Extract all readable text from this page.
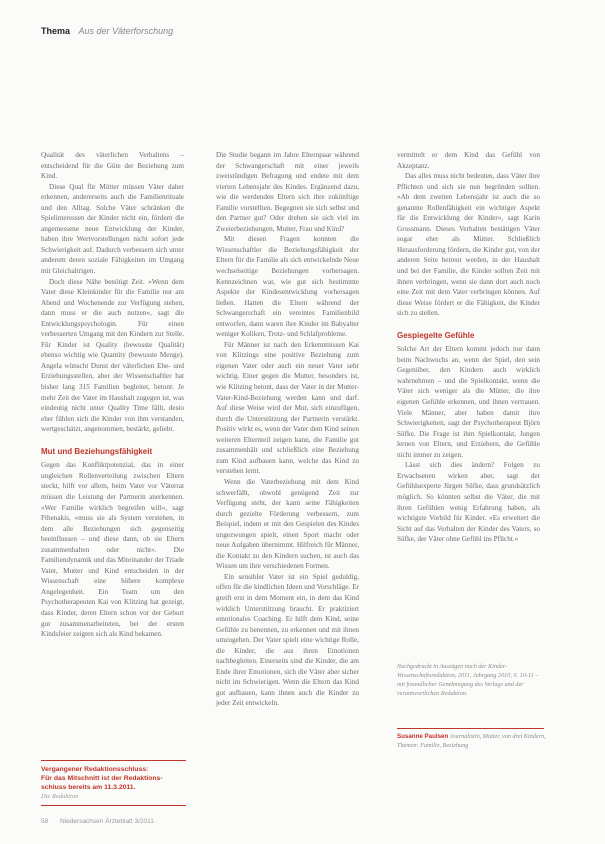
Thema Aus der Väterforschung

Qualität des väterlichen Verhaltens – entscheidend für die Güte der Beziehung zum Kind.

Diese Qual für Mütter müssen Väter daher erkennen, andererseits auch die Familienrituale und den Alltag. Solche Väter schränken die Spielinteressen der Kinder nicht ein, fördern die angemessene neue Entwicklung der Kinder, haben ihre Wertvorstellungen nicht sofort jede Schwierigkeit auf. Dadurch verbessern sich unter anderem deren soziale Fähigkeiten im Umgang mit Gleichaltrigen.

Doch diese Nähe benötigt Zeit. »Wenn dem Vater diese Kleinkinder für die Familie nur am Abend und Wochenende zur Verfügung stehen, dann muss er die auch nutzen«, sagt die Entwicklungspsychologin. Für einen verbesserten Umgang mit den Kindern zur Stelle. Für Kinder ist Quality (bewusste Qualität) ebenso wichtig wie Quantity (bewusste Menge). Angela wünscht Dunst der väterlichen Ehe- und Erziehungsstellen, aber der Wissenschaftler hat bisher lang 315 Familien begleitet, betont: Je mehr Zeit der Vater im Haushalt zugegen ist, was eindeutig nicht unter Quality Time fällt, desto eher fühlen sich die Kinder von ihm verstanden, wertgeschätzt, angenommen, bestärkt, geliebt.

Mut und Beziehungsfähigkeit

Gegen das Konfliktpotenzial, das in einer ungleichen Rollenverteilung zwischen Eltern steckt, hilft vor allem, beim Vater vor Väterrat müssen die Leistung der Partnerin anerkennen. »Wer Familie wirklich begreifen will«, sagt Fthenakis, »muss sie als System verstehen, in dem alle Beziehungen sich gegenseitig beeinflussen – und diese dann, ob sie Eltern zusammenhalten oder nicht«. Die Familiendynamik und das Miteinander der Triade Vater, Mutter und Kind entscheiden in der Wissenschaft eine höhere komplexe Angelegenheit. Ein Team um den Psychotherapeuten Kai von Klitzing hat gezeigt, dass Kinder, deren Eltern schon vor der Geburt gut zusammenarbeiteten, bei der ersten Kindsfeier zeigten sich als Kind bekamen.

Die Studie begann im Jahre Elternpaar während der Schwangerschaft mit einer jeweils zweistündigen Befragung und endete mit dem vierten Lebensjahr des Kindes. Ergänzend dazu, wie die werdenden Eltern sich ihre zukünftige Familie vorstellten. Begegnen sie sich selbst und den Partner gut? Oder drehen sie sich viel im Zweierbeziehungen, Mutter, Frau und Kind?

Mit diesen Fragen konnten die Wissenschaftler die Beziehungsfähigkeit der Eltern für die Familie als sich entwickelnde Neue wechselseitige Beziehungen vorhersagen. Kennzeichnen war, wie gut sich bestimmte Aspekte der Kindesentwicklung vorhersagen ließen. Hatten die Eltern während der Schwangerschaft ein vereintes Familienbild entworfen, dann waren ihre Kinder im Babyalter weniger Koliken, Trotz- und Schlafprobleme.

Für Männer ist nach den Erkenntnissen Kai von Klitzings eine positive Beziehung zum eigenen Vater oder auch ein neuer Vater sehr wichtig. Einer gegen die Mutter, besonders ist, wie Klitzing betont, dass der Vater in der Mutter-Vater-Kind-Beziehung werden kann und darf. Auf diese Weise wird der Mut, sich einzufügen, durch die Unterstützung der Partnerin verstärkt. Positiv wirkt es, wenn der Vater dem Kind seinen weiteren Elternteil zeigen kann, die Familie gut zusammenhält und schließlich eine Beziehung zum Kind aufbauen kann, welche das Kind zu verstehen lernt.

Wenn die Vaterbeziehung mit dem Kind schwerfällt, obwohl genügend Zeit zur Verfügung steht, der kann seine Fähigkeiten durch gezielte Förderung verbessern, zum Beispiel, indem er mit den Gespielen des Kindes ungezwungen spielt, einen Sport macht oder neue Aufgaben übernimmt. Hilfreich für Männer, die Kontakt zu den Kindern suchen, ist auch das Wissen um ihre verschiedenen Formen.

Ein sensibler Vater ist ein Spiel geduldig, offen für die kindlichen Ideen und Vorschläge. Er greift erst in dem Moment ein, in dem das Kind wirklich Unterstützung braucht. Er praktiziert emotionales Coaching. Er hilft dem Kind, seine Gefühle zu benennen, zu erkennen und mit ihnen umzugehen. Der Vater spielt eine wichtige Rolle, die Kinder, die aus ihren Emotionen nachbegleiten. Einerseits sind die Kinder, die am Ende ihrer Emotionen, sich die Väter aber sicher nicht im Schwierigen. Wenn die Eltern das Kind gut aufbauen, kann ihnen auch die Kinder zu jeder Zeit entwickeln.

vermittelt er dem Kind das Gefühl von Akzeptanz.

Das alles muss nicht bedeuten, dass Väter ihre Pflichten und sich sie nun begründen sollten. »Ab dem zweiten Lebensjahr ist auch die so genannte Rollenfähigkeit ein wichtiger Aspekt für die Entwicklung der Kinder«, sagt Karin Grossmann. Dieses Verhalten bestätigen Väter sogar eher als Mütter. Schließlich Herausforderung fördern, die Kinder gut, von der anderen Seite betreut werden, in der Haushalt und bei der Familie, die Kinder sollten Zeit mit ihnen verbringen, wenn sie dann dort auch noch eine Zeit mit dem Vater verbringen können. Auf diese Weise fördert er die Fähigkeit, die Kinder sich zu stellen.

Gespiegelte Gefühle

Solche Art der Eltern kommt jedoch nur dann beim Nachwuchs an, wenn der Spiel, den sein Gegenüber, den Kindern auch wirklich wahrnehmen – und die Spielkontakt, wenn die Väter sich weniger als die Mütter, die ihre eigenen Gefühle erkennen, und ihnen vertrauen. Viele Männer, aber haben damit ihre Schwierigkeiten, sagt der Psychotherapeut Björn Süfke. Die Frage ist ihm Spielkontakt, Jungen lernen von Eltern, und Erziehern, die Gefühle nicht immer zu zeigen.

Lässt sich dies ändern? Folgen zu Erwachsenen wirken aber, sagt der Gefühlsexperte Jürgen Süfke, dass grundsätzlich möglich. So könnten selbst die Väter, die mit ihren Gefühlen wenig Erfahrung haben, als wichtigste Vorbild für Kinder. »Es erweitert die Sicht auf das Verhalten der Kinder des Vaters, so Süfke, der Väter ohne Gefühl ins Pflicht.«

Vergangener Redaktionsschluss:
Für das Mitschnitt ist der Redaktions-
schluss bereits am 11.3.2011.
Die Redaktion
Nachgedruckt in Auszügen nach der Kinder-Wissenschaftsredaktion, 2011, Jahrgang 2010, S. 10-11 – mit freundlicher Genehmigung des Verlags und der verantwortlichen Redaktion.
Susanne Paulsen Journalistin, Mutter, von drei Kindern, Themen: Familie, Beziehung
58 Niedersachsen Ärzteblatt 3/2011
